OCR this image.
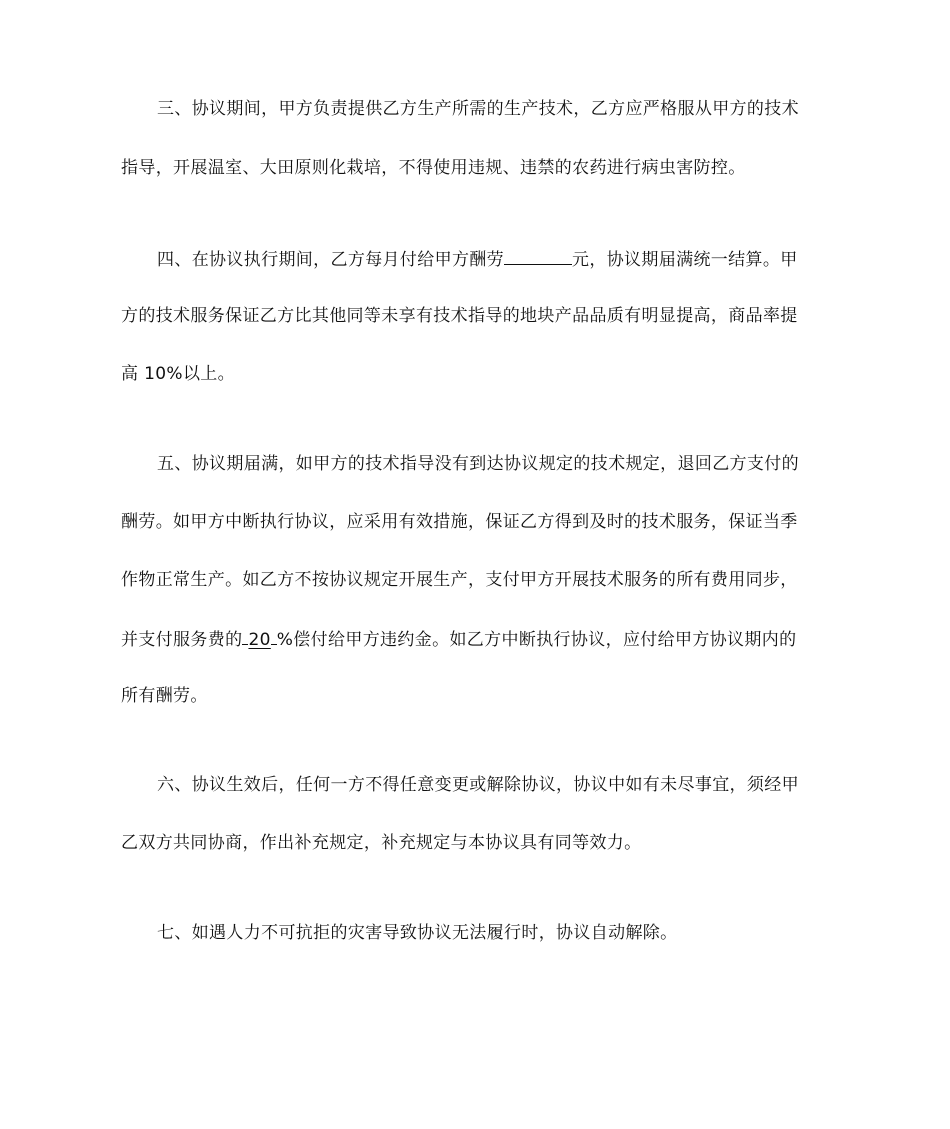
三、协议期间，甲方负责提供乙方生产所需的生产技术，乙方应严格服从甲方的技术
指导，开展温室、大田原则化栽培，不得使用违规、违禁的农药进行病虫害防控。
四、在协议执行期间，乙方每月付给甲方酬劳	元，协议期届满统一结算。甲
方的技术服务保证乙方比其他同等未享有技术指导的地块产品品质有明显提高，商品率提
高 10%以上。
五、协议期届满，如甲方的技术指导没有到达协议规定的技术规定，退回乙方支付的
酬劳。如甲方中断执行协议，应采用有效措施，保证乙方得到及时的技术服务，保证当季
作物正常生产。如乙方不按协议规定开展生产，支付甲方开展技术服务的所有费用同步，
并支付服务费的 20 %偿付给甲方违约金。如乙方中断执行协议，应付给甲方协议期内的
所有酬劳。
六、协议生效后，任何一方不得任意变更或解除协议，协议中如有未尽事宜，须经甲
乙双方共同协商，作出补充规定，补充规定与本协议具有同等效力。
七、如遇人力不可抗拒的灾害导致协议无法履行时，协议自动解除。
